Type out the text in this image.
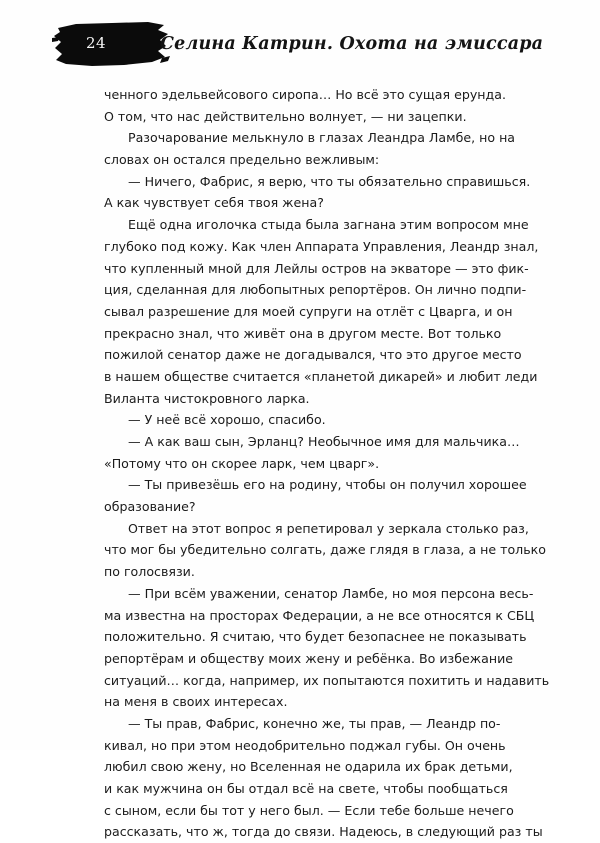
24	Селина Катрин. Охота на эмиссара
ченного эдельвейсового сиропа… Но всё это сущая ерунда.
О том, что нас действительно волнует, — ни зацепки.
Разочарование мелькнуло в глазах Леандра Ламбе, но на
словах он остался предельно вежливым:
— Ничего, Фабрис, я верю, что ты обязательно справишься.
А как чувствует себя твоя жена?
Ещё одна иголочка стыда была загнана этим вопросом мне
глубоко под кожу. Как член Аппарата Управления, Леандр знал,
что купленный мной для Лейлы остров на экваторе — это фик-
ция, сделанная для любопытных репортёров. Он лично подпи-
сывал разрешение для моей супруги на отлёт с Цварга, и он
прекрасно знал, что живёт она в другом месте. Вот только
пожилой сенатор даже не догадывался, что это другое место
в нашем обществе считается «планетой дикарей» и любит леди
Виланта чистокровного ларка.
— У неё всё хорошо, спасибо.
— А как ваш сын, Эрланц? Необычное имя для мальчика…
«Потому что он скорее ларк, чем цварг».
— Ты привезёшь его на родину, чтобы он получил хорошее
образование?
Ответ на этот вопрос я репетировал у зеркала столько раз,
что мог бы убедительно солгать, даже глядя в глаза, а не только
по голосвязи.
— При всём уважении, сенатор Ламбе, но моя персона весь-
ма известна на просторах Федерации, а не все относятся к СБЦ
положительно. Я считаю, что будет безопаснее не показывать
репортёрам и обществу моих жену и ребёнка. Во избежание
ситуаций… когда, например, их попытаются похитить и надавить
на меня в своих интересах.
— Ты прав, Фабрис, конечно же, ты прав, — Леандр по-
кивал, но при этом неодобрительно поджал губы. Он очень
любил свою жену, но Вселенная не одарила их брак детьми,
и как мужчина он бы отдал всё на свете, чтобы пообщаться
с сыном, если бы тот у него был. — Если тебе больше нечего
рассказать, что ж, тогда до связи. Надеюсь, в следующий раз ты
